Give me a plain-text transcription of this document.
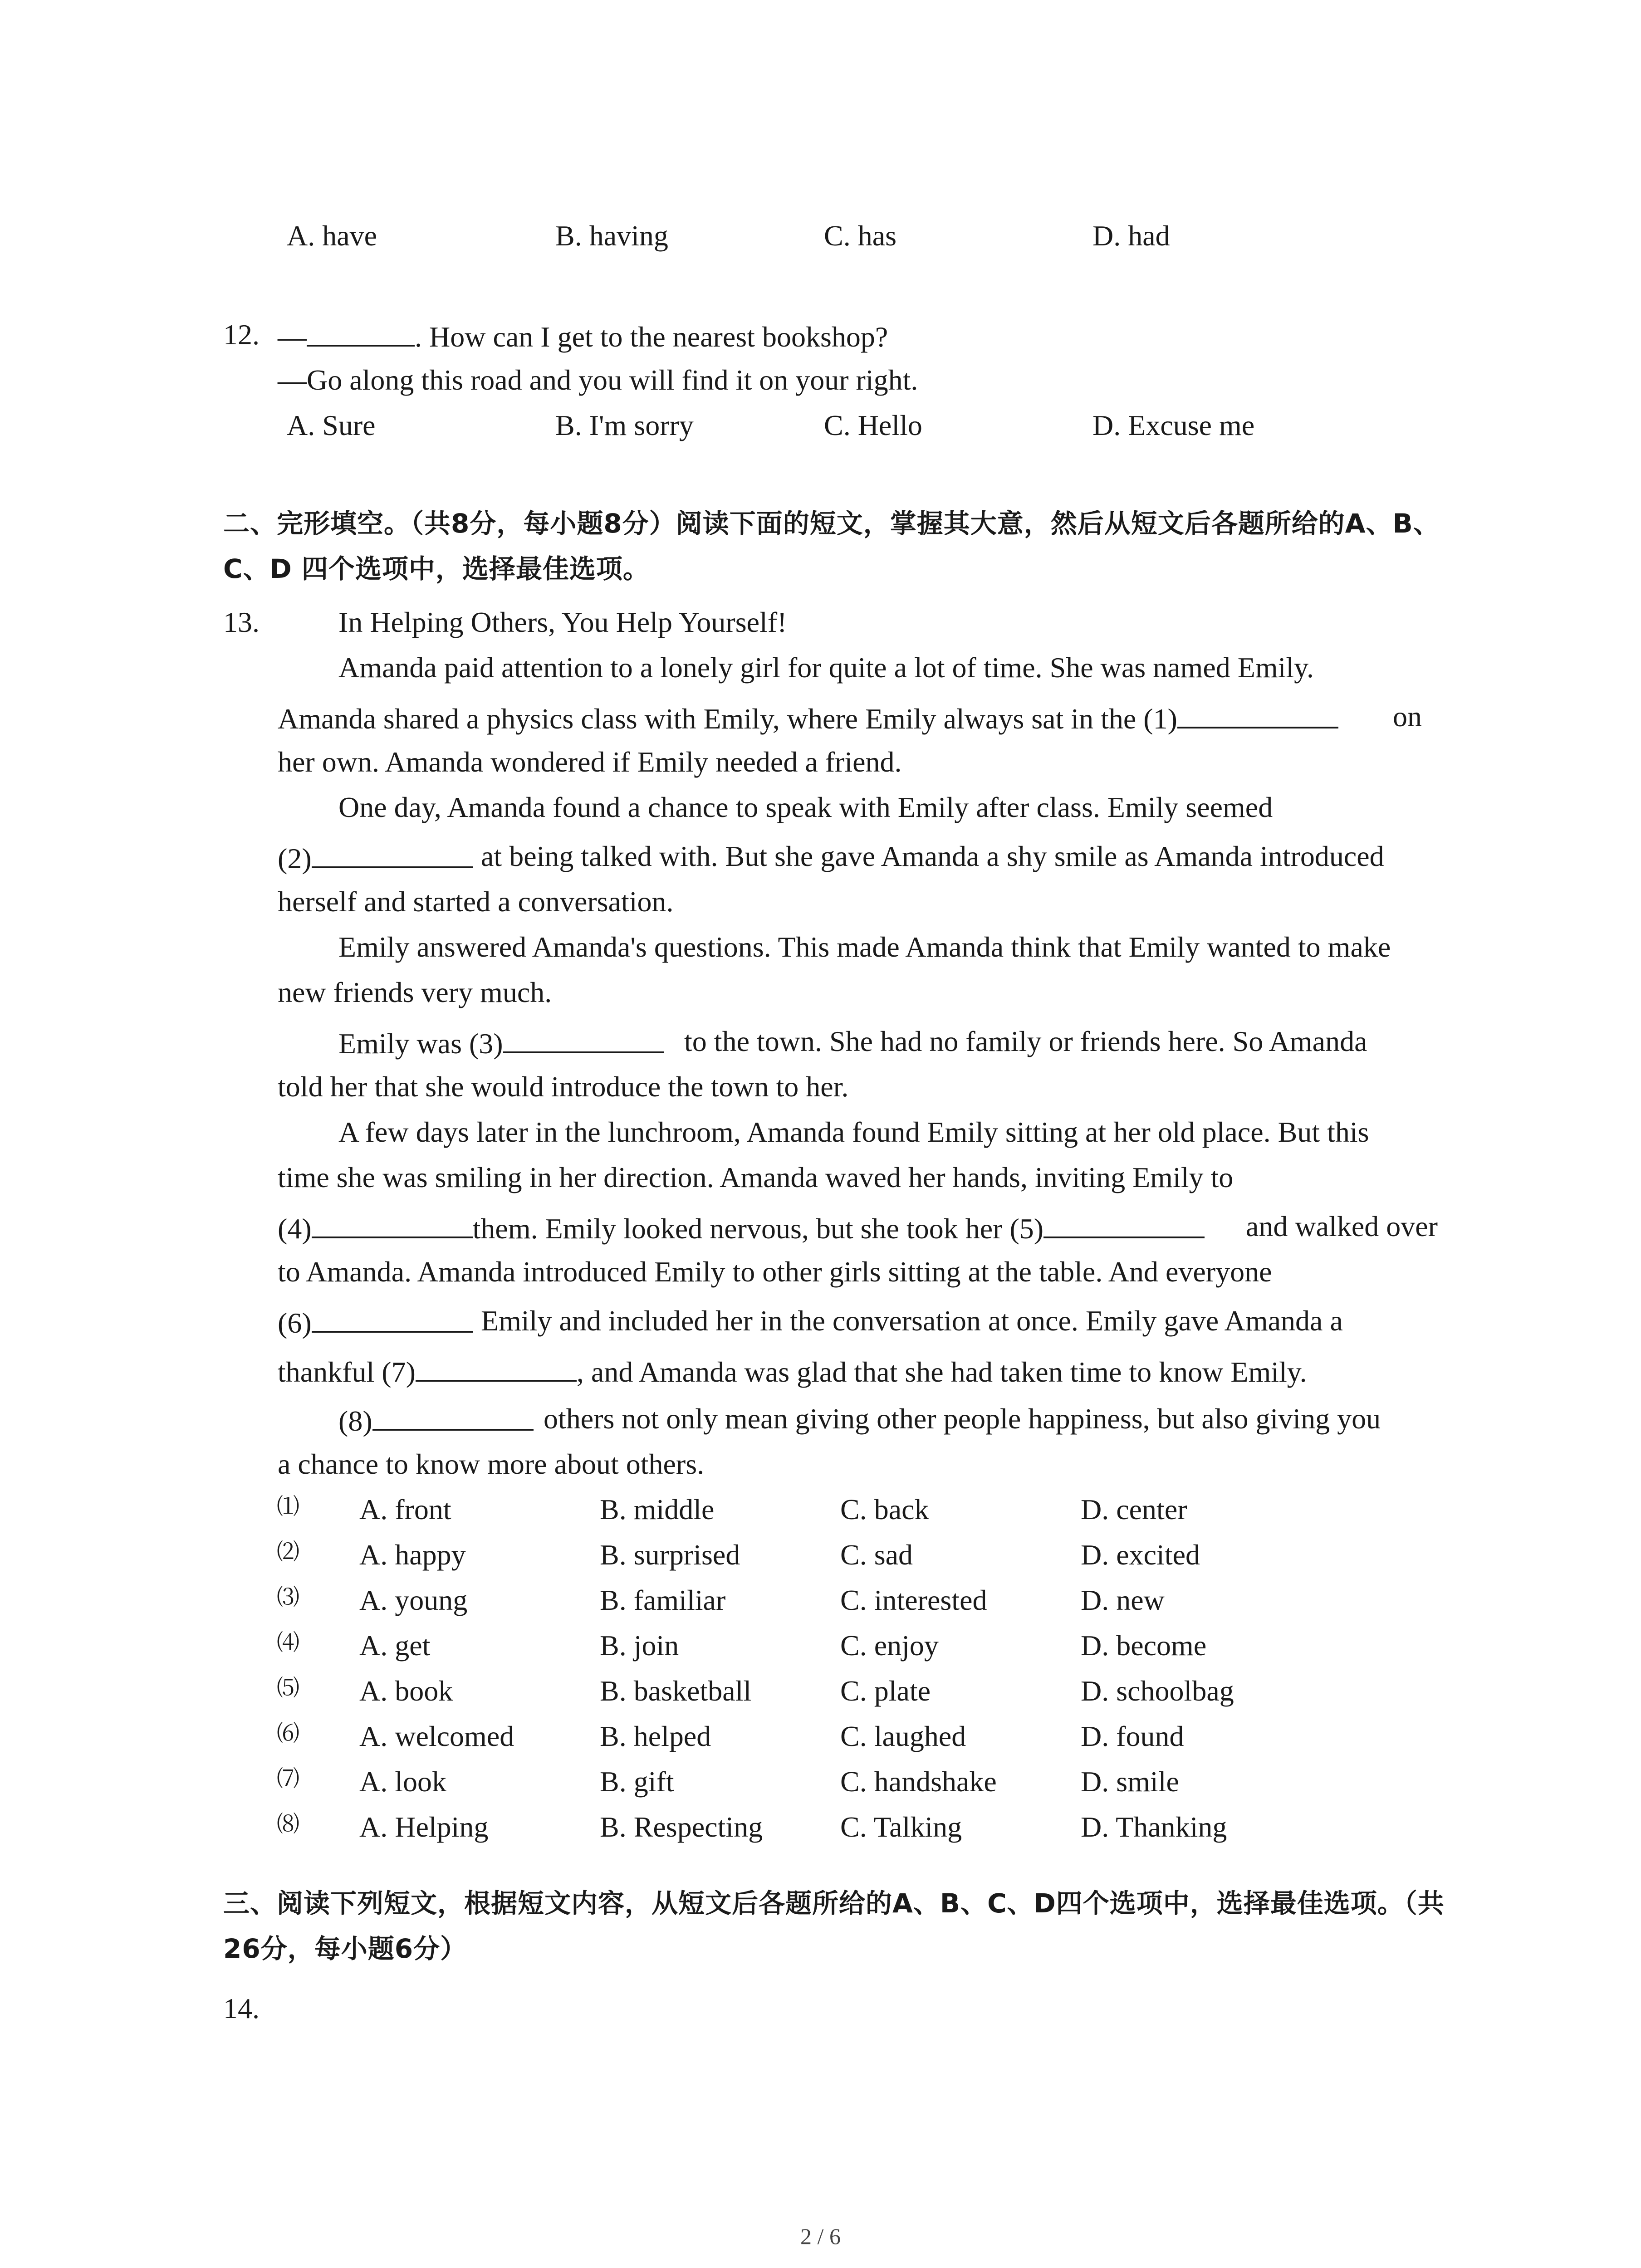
A. have	B. having	C. has	D. had
12. —	. How can I get to the nearest bookshop?
—Go along this road and you will find it on your right.
A. Sure	B. I'm sorry	C. Hello	D. Excuse me
二、完形填空。（共8分，每小题8分）阅读下面的短文，掌握其大意，然后从短文后各题所给的A、B、C、D 四个选项中，选择最佳选项。
13.	In Helping Others, You Help Yourself!
Amanda paid attention to a lonely girl for quite a lot of time. She was named Emily.
Amanda shared a physics class with Emily, where Emily always sat in the (1)	on
her own. Amanda wondered if Emily needed a friend.
One day, Amanda found a chance to speak with Emily after class. Emily seemed
(2)	at being talked with. But she gave Amanda a shy smile as Amanda introduced
herself and started a conversation.
Emily answered Amanda's questions. This made Amanda think that Emily wanted to make
new friends very much.
Emily was (3)	to the town. She had no family or friends here. So Amanda
told her that she would introduce the town to her.
A few days later in the lunchroom, Amanda found Emily sitting at her old place. But this
time she was smiling in her direction. Amanda waved her hands, inviting Emily to
(4)	them. Emily looked nervous, but she took her (5)	and walked over
to Amanda. Amanda introduced Emily to other girls sitting at the table. And everyone
(6)	Emily and included her in the conversation at once. Emily gave Amanda a
thankful (7)	, and Amanda was glad that she had taken time to know Emily.
(8)	others not only mean giving other people happiness, but also giving you
a chance to know more about others.
⑴	A. front	B. middle	C. back	D. center
⑵	A. happy	B. surprised	C. sad	D. excited
⑶	A. young	B. familiar	C. interested	D. new
⑷	A. get	B. join	C. enjoy	D. become
⑸	A. book	B. basketball	C. plate	D. schoolbag
⑹	A. welcomed	B. helped	C. laughed	D. found
⑺	A. look	B. gift	C. handshake	D. smile
⑻	A. Helping	B. Respecting	C. Talking	D. Thanking
三、阅读下列短文，根据短文内容，从短文后各题所给的A、B、C、D四个选项中，选择最佳选项。（共26分，每小题6分）
14.
2 / 6
